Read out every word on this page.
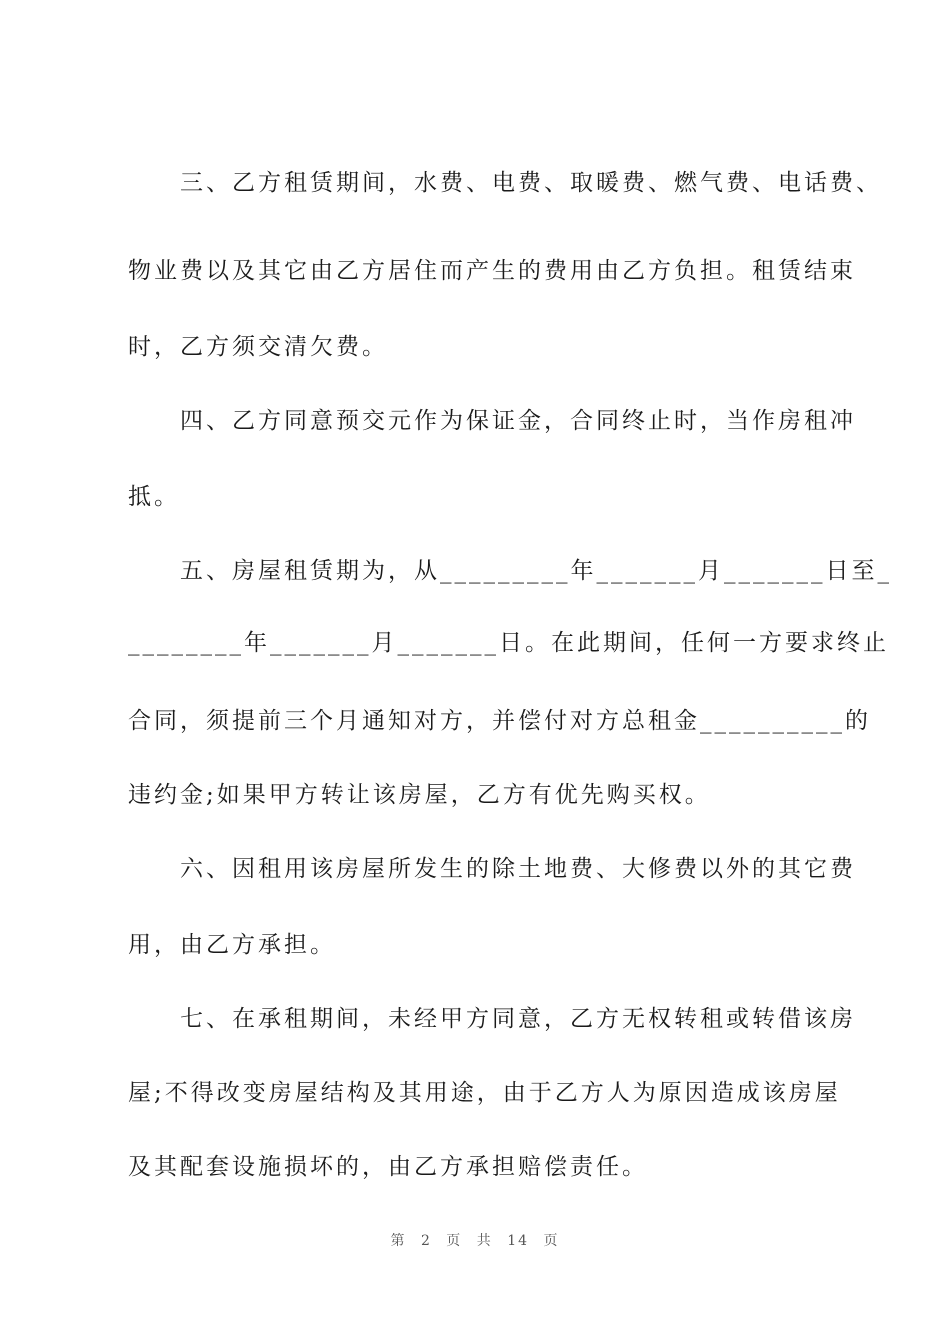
　　三、乙方租赁期间，水费、电费、取暖费、燃气费、电话费、
物业费以及其它由乙方居住而产生的费用由乙方负担。租赁结束
时，乙方须交清欠费。
　　四、乙方同意预交元作为保证金，合同终止时，当作房租冲
抵。
　　五、房屋租赁期为，从_________年_______月_______日至_
________年_______月_______日。在此期间，任何一方要求终止
合同，须提前三个月通知对方，并偿付对方总租金__________的
违约金;如果甲方转让该房屋，乙方有优先购买权。
　　六、因租用该房屋所发生的除土地费、大修费以外的其它费
用，由乙方承担。
　　七、在承租期间，未经甲方同意，乙方无权转租或转借该房
屋;不得改变房屋结构及其用途，由于乙方人为原因造成该房屋
及其配套设施损坏的，由乙方承担赔偿责任。
第 2 页 共 14 页
